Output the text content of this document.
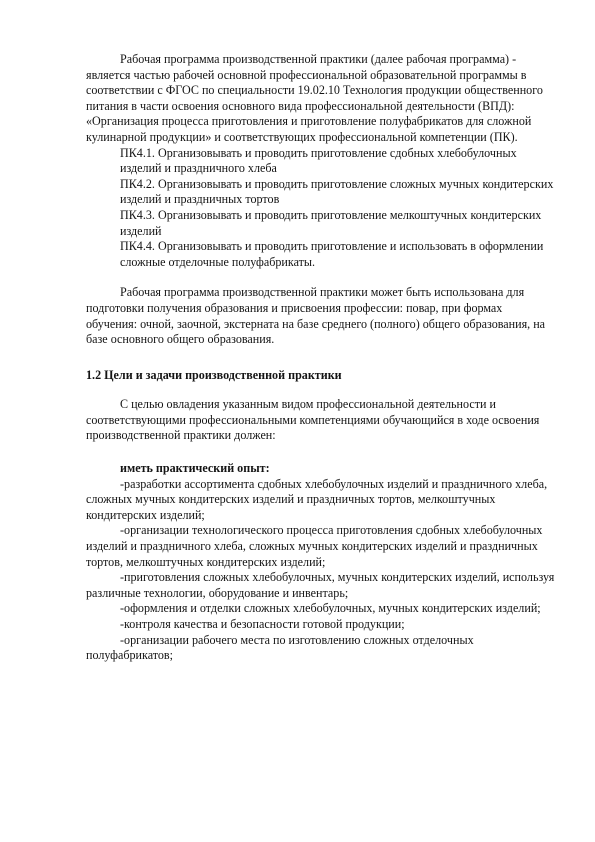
Рабочая программа производственной практики (далее рабочая программа) - является частью рабочей основной профессиональной образовательной программы в соответствии с ФГОС по специальности 19.02.10 Технология продукции общественного питания в части освоения основного вида профессиональной деятельности (ВПД): «Организация процесса приготовления и приготовление полуфабрикатов для сложной кулинарной продукции» и соответствующих профессиональной компетенции (ПК).

ПК4.1. Организовывать и проводить приготовление сдобных хлебобулочных изделий и праздничного хлеба

ПК4.2. Организовывать и проводить приготовление сложных мучных кондитерских изделий и праздничных тортов

ПК4.3. Организовывать и проводить приготовление мелкоштучных кондитерских изделий

ПК4.4. Организовывать и проводить приготовление и использовать в оформлении сложные отделочные полуфабрикаты.

Рабочая программа производственной практики может быть использована для подготовки получения образования и присвоения профессии: повар, при формах обучения: очной, заочной, экстерната на базе среднего (полного) общего образования, на базе основного общего образования.

1.2 Цели и задачи производственной практики

С целью овладения указанным видом профессиональной деятельности и соответствующими профессиональными компетенциями обучающийся в ходе освоения производственной практики должен:

иметь практический опыт:

-разработки ассортимента сдобных хлебобулочных изделий и праздничного хлеба, сложных мучных кондитерских изделий и праздничных тортов, мелкоштучных кондитерских изделий;

-организации технологического процесса приготовления сдобных хлебобулочных изделий и праздничного хлеба, сложных мучных кондитерских изделий и праздничных тортов, мелкоштучных кондитерских изделий;

-приготовления сложных хлебобулочных, мучных кондитерских изделий, используя различные технологии, оборудование и инвентарь;

-оформления и отделки сложных хлебобулочных, мучных кондитерских изделий;

-контроля качества и безопасности готовой продукции;

-организации рабочего места по изготовлению сложных отделочных полуфабрикатов;
